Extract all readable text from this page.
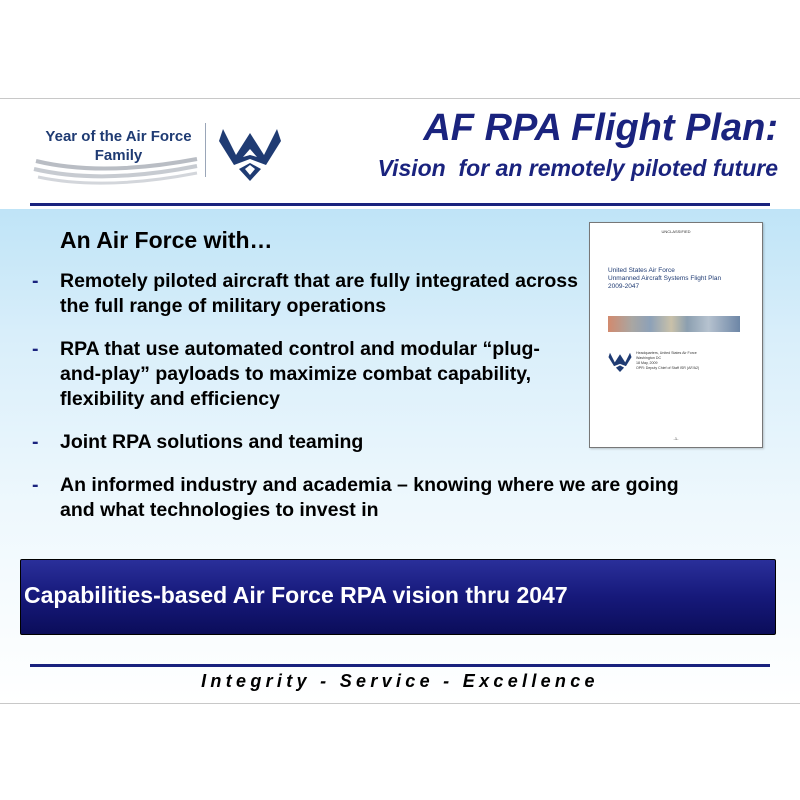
Year of the Air Force
Family
AF RPA Flight Plan:
Vision  for an remotely piloted future
An Air Force with…
- Remotely piloted aircraft that are fully integrated across the full range of military operations
- RPA that use automated control and modular “plug-and-play” payloads to maximize combat capability, flexibility and efficiency
- Joint RPA solutions and teaming
- An informed industry and academia – knowing where we are going and what technologies to invest in
UNCLASSIFIED
United States Air Force
Unmanned Aircraft Systems Flight Plan
2009-2047
Headquarters, United States Air Force
Washington DC
18 May, 2009
OPR: Deputy Chief of Staff ISR (AF/A2)
-1-
Capabilities-based Air Force RPA vision thru 2047
Integrity - Service - Excellence
